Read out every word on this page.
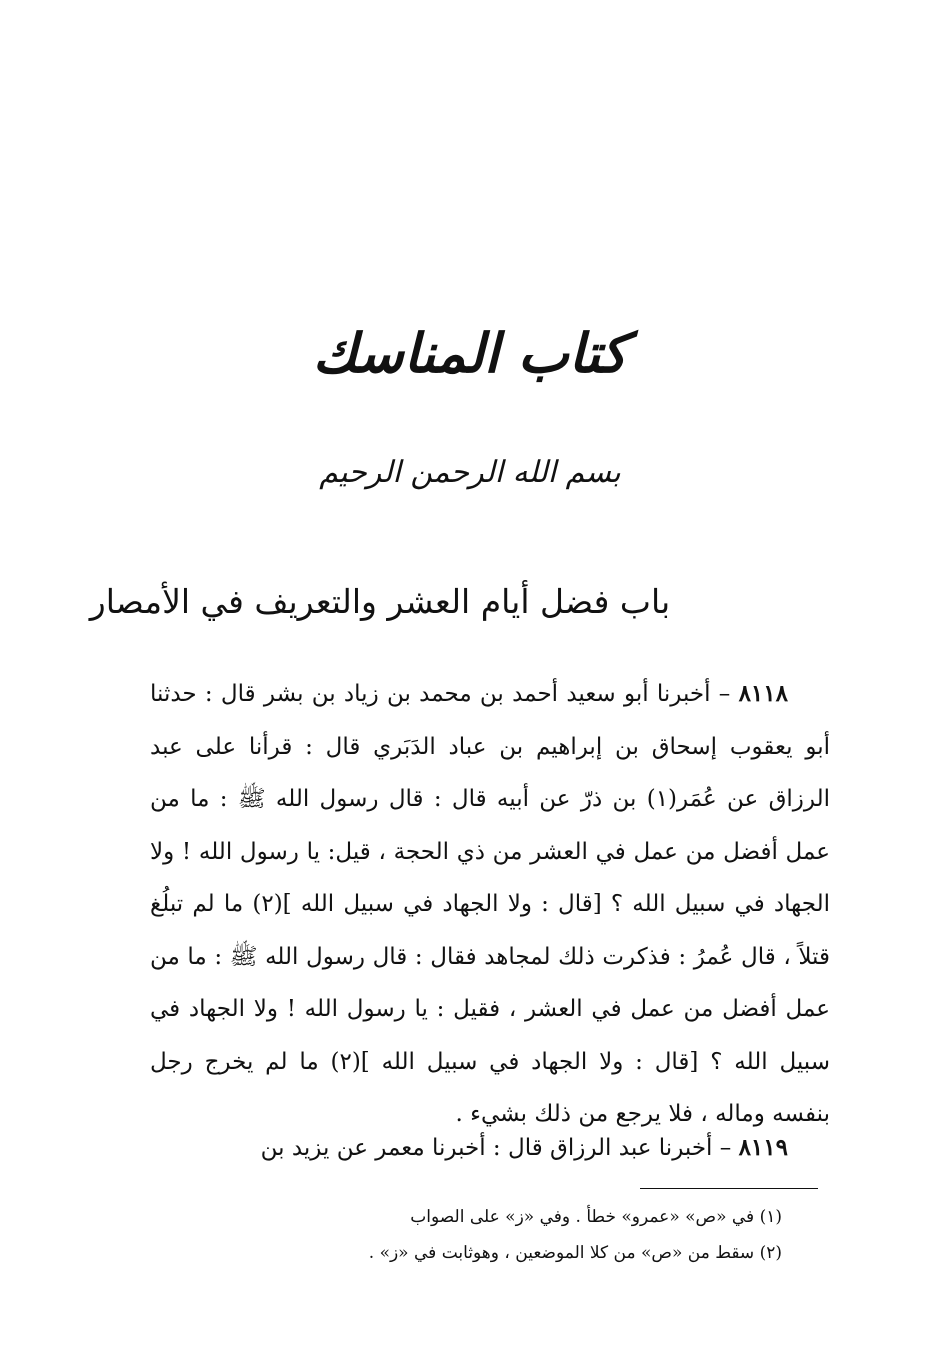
كتاب المناسك
بسم الله الرحمن الرحيم
باب فضل أيام العشر والتعريف في الأمصار

٨١١٨ – أخبرنا أبو سعيد أحمد بن محمد بن زياد بن بشر قال : حدثنا أبو يعقوب إسحاق بن إبراهيم بن عباد الدَبَري قال : قرأنا على عبد الرزاق عن عُمَر(١) بن ذرّ عن أبيه قال : قال رسول الله ﷺ : ما من عمل أفضل من عمل في العشر من ذي الحجة ، قيل: يا رسول الله ! ولا الجهاد في سبيل الله ؟ [قال : ولا الجهاد في سبيل الله ](٢) ما لم تبلُغ قتلاً ، قال عُمرُ : فذكرت ذلك لمجاهد فقال : قال رسول الله ﷺ : ما من عمل أفضل من عمل في العشر ، فقيل : يا رسول الله ! ولا الجهاد في سبيل الله ؟ [قال : ولا الجهاد في سبيل الله ](٢) ما لم يخرج رجل بنفسه وماله ، فلا يرجع من ذلك بشيء .

٨١١٩ – أخبرنا عبد الرزاق قال : أخبرنا معمر عن يزيد بن

(١) في «ص» «عمرو» خطأ . وفي «ز» على الصواب

(٢) سقط من «ص» من كلا الموضعين ، وهوثابت في «ز» .
